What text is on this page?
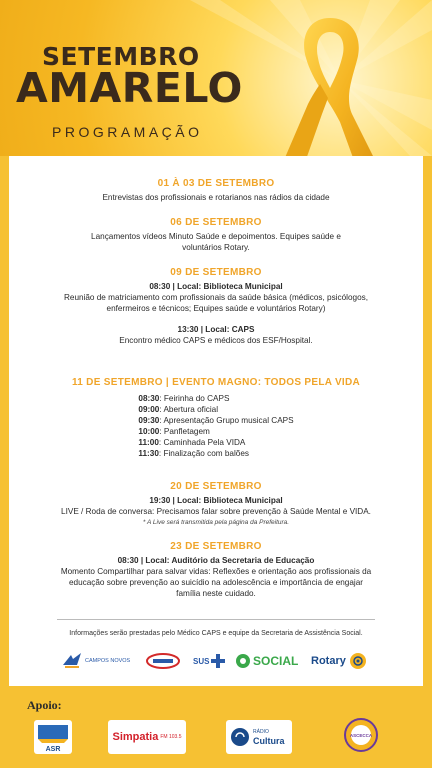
SETEMBRO
AMARELO
PROGRAMAÇÃO
01 À 03 DE SETEMBRO

Entrevistas dos profissionais e rotarianos nas rádios da cidade

06 DE SETEMBRO

Lançamentos vídeos Minuto Saúde e depoimentos. Equipes saúde e

voluntários Rotary.

09 DE SETEMBRO

08:30 | Local: Biblioteca Municipal

Reunião de matriciamento com profissionais da saúde básica (médicos, psicólogos,

enfermeiros e técnicos; Equipes saúde e voluntários Rotary)

13:30 | Local: CAPS

Encontro médico CAPS e médicos dos ESF/Hospital.

11 DE SETEMBRO | EVENTO MAGNO: TODOS PELA VIDA
08:30: Feirinha do CAPS
09:00: Abertura oficial
09:30: Apresentação Grupo musical CAPS
10:00: Panfletagem
11:00: Caminhada Pela VIDA
11:30: Finalização com balões
20 DE SETEMBRO

19:30 | Local: Biblioteca Municipal

LIVE / Roda de conversa: Precisamos falar sobre prevenção à Saúde Mental e VIDA.

* A Live será transmitida pela página da Prefeitura.

23 DE SETEMBRO

08:30 | Local: Auditório da Secretaria de Educação

Momento Compartilhar para salvar vidas: Reflexões e orientação aos profissionais da

educação sobre prevenção ao suicídio na adolescência e importância de engajar

família neste cuidado.

Informações serão prestadas pelo Médico CAPS e equipe da Secretaria de Assistência Social.
CAMPOS NOVOS	SUS	SOCIAL Rotary
Apoio:
ASR
Simpatia FM 103.5
RÁDIO
Cultura
ASCECCA
